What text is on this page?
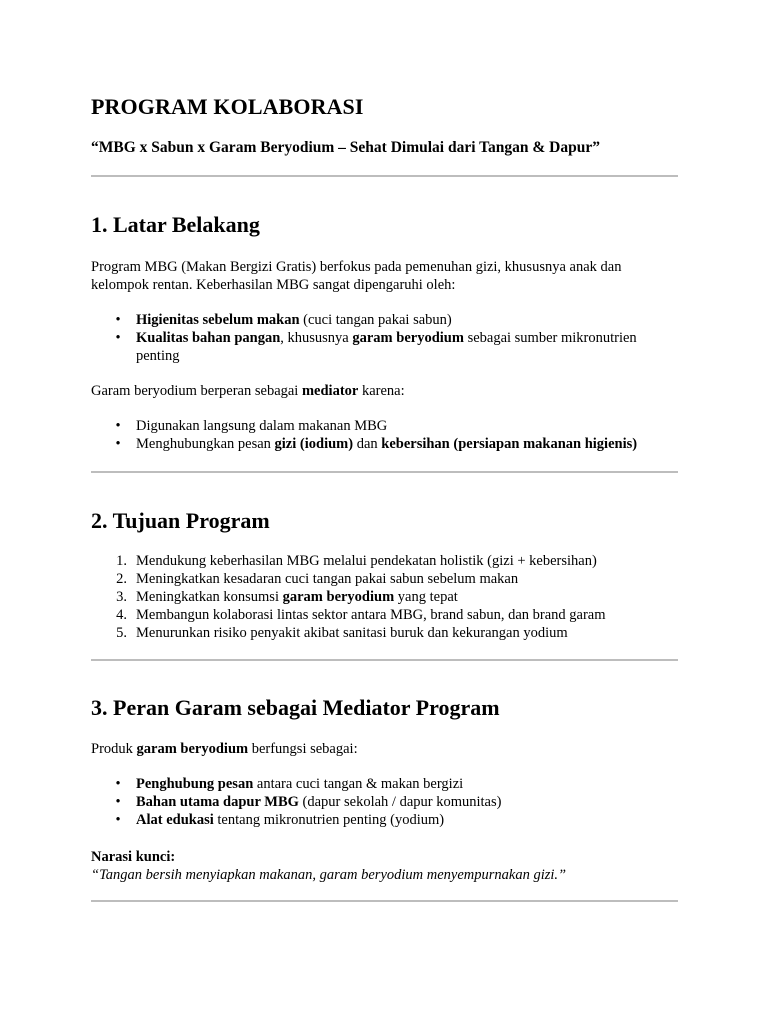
PROGRAM KOLABORASI

“MBG x Sabun x Garam Beryodium – Sehat Dimulai dari Tangan & Dapur”

1. Latar Belakang

Program MBG (Makan Bergizi Gratis) berfokus pada pemenuhan gizi, khususnya anak dan
kelompok rentan. Keberhasilan MBG sangat dipengaruhi oleh:

•	Higienitas sebelum makan (cuci tangan pakai sabun)
•	Kualitas bahan pangan, khususnya garam beryodium sebagai sumber mikronutrien
penting

Garam beryodium berperan sebagai mediator karena:

•	Digunakan langsung dalam makanan MBG
•	Menghubungkan pesan gizi (iodium) dan kebersihan (persiapan makanan higienis)
2. Tujuan Program
1. Mendukung keberhasilan MBG melalui pendekatan holistik (gizi + kebersihan)
2. Meningkatkan kesadaran cuci tangan pakai sabun sebelum makan
3. Meningkatkan konsumsi garam beryodium yang tepat
4. Membangun kolaborasi lintas sektor antara MBG, brand sabun, dan brand garam
5. Menurunkan risiko penyakit akibat sanitasi buruk dan kekurangan yodium
3. Peran Garam sebagai Mediator Program

Produk garam beryodium berfungsi sebagai:

•	Penghubung pesan antara cuci tangan & makan bergizi
•	Bahan utama dapur MBG (dapur sekolah / dapur komunitas)
•	Alat edukasi tentang mikronutrien penting (yodium)

Narasi kunci:
“Tangan bersih menyiapkan makanan, garam beryodium menyempurnakan gizi.”
